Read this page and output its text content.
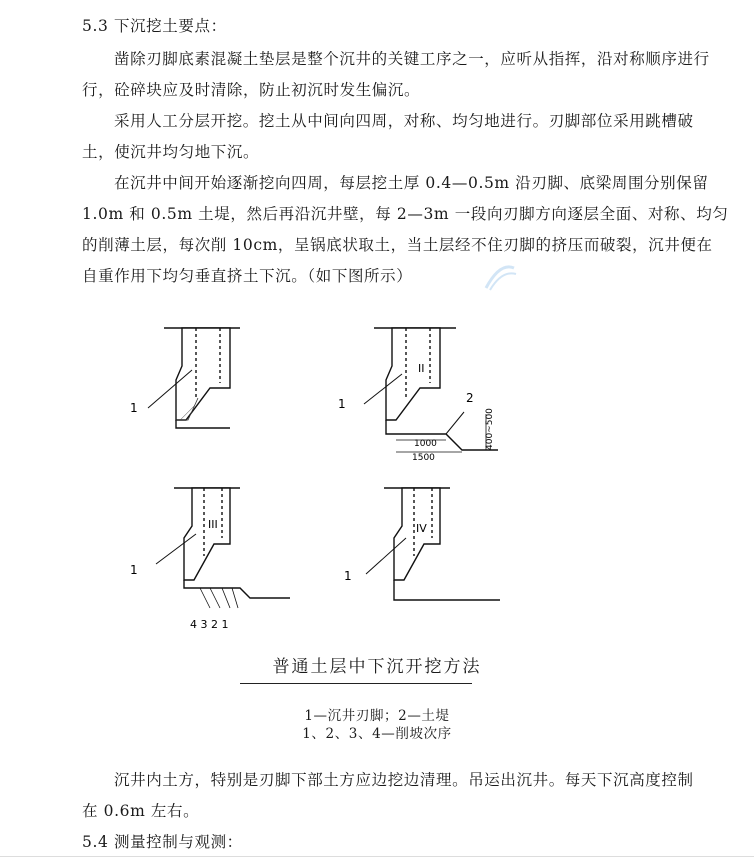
5.3 下沉挖土要点：
凿除刃脚底素混凝土垫层是整个沉井的关键工序之一，应听从指挥，沿对称顺序进行
行，砼碎块应及时清除，防止初沉时发生偏沉。
采用人工分层开挖。挖土从中间向四周，对称、均匀地进行。刃脚部位采用跳槽破
土，使沉井均匀地下沉。
在沉井中间开始逐渐挖向四周，每层挖土厚 0.4—0.5m 沿刃脚、底梁周围分别保留
1.0m 和 0.5m 土堤，然后再沿沉井壁，每 2—3m 一段向刃脚方向逐层全面、对称、均匀
的削薄土层，每次削 10cm，呈锅底状取土，当土层经不住刃脚的挤压而破裂，沉井便在
自重作用下均匀垂直挤土下沉。（如下图所示）
1
II
1	2
400~500
1000
1500
III
1
4 3 2 1
IV
1
普通土层中下沉开挖方法
1—沉井刃脚；2—土堤
1、2、3、4—削坡次序
沉井内土方，特别是刃脚下部土方应边挖边清理。吊运出沉井。每天下沉高度控制
在 0.6m 左右。
5.4 测量控制与观测：
